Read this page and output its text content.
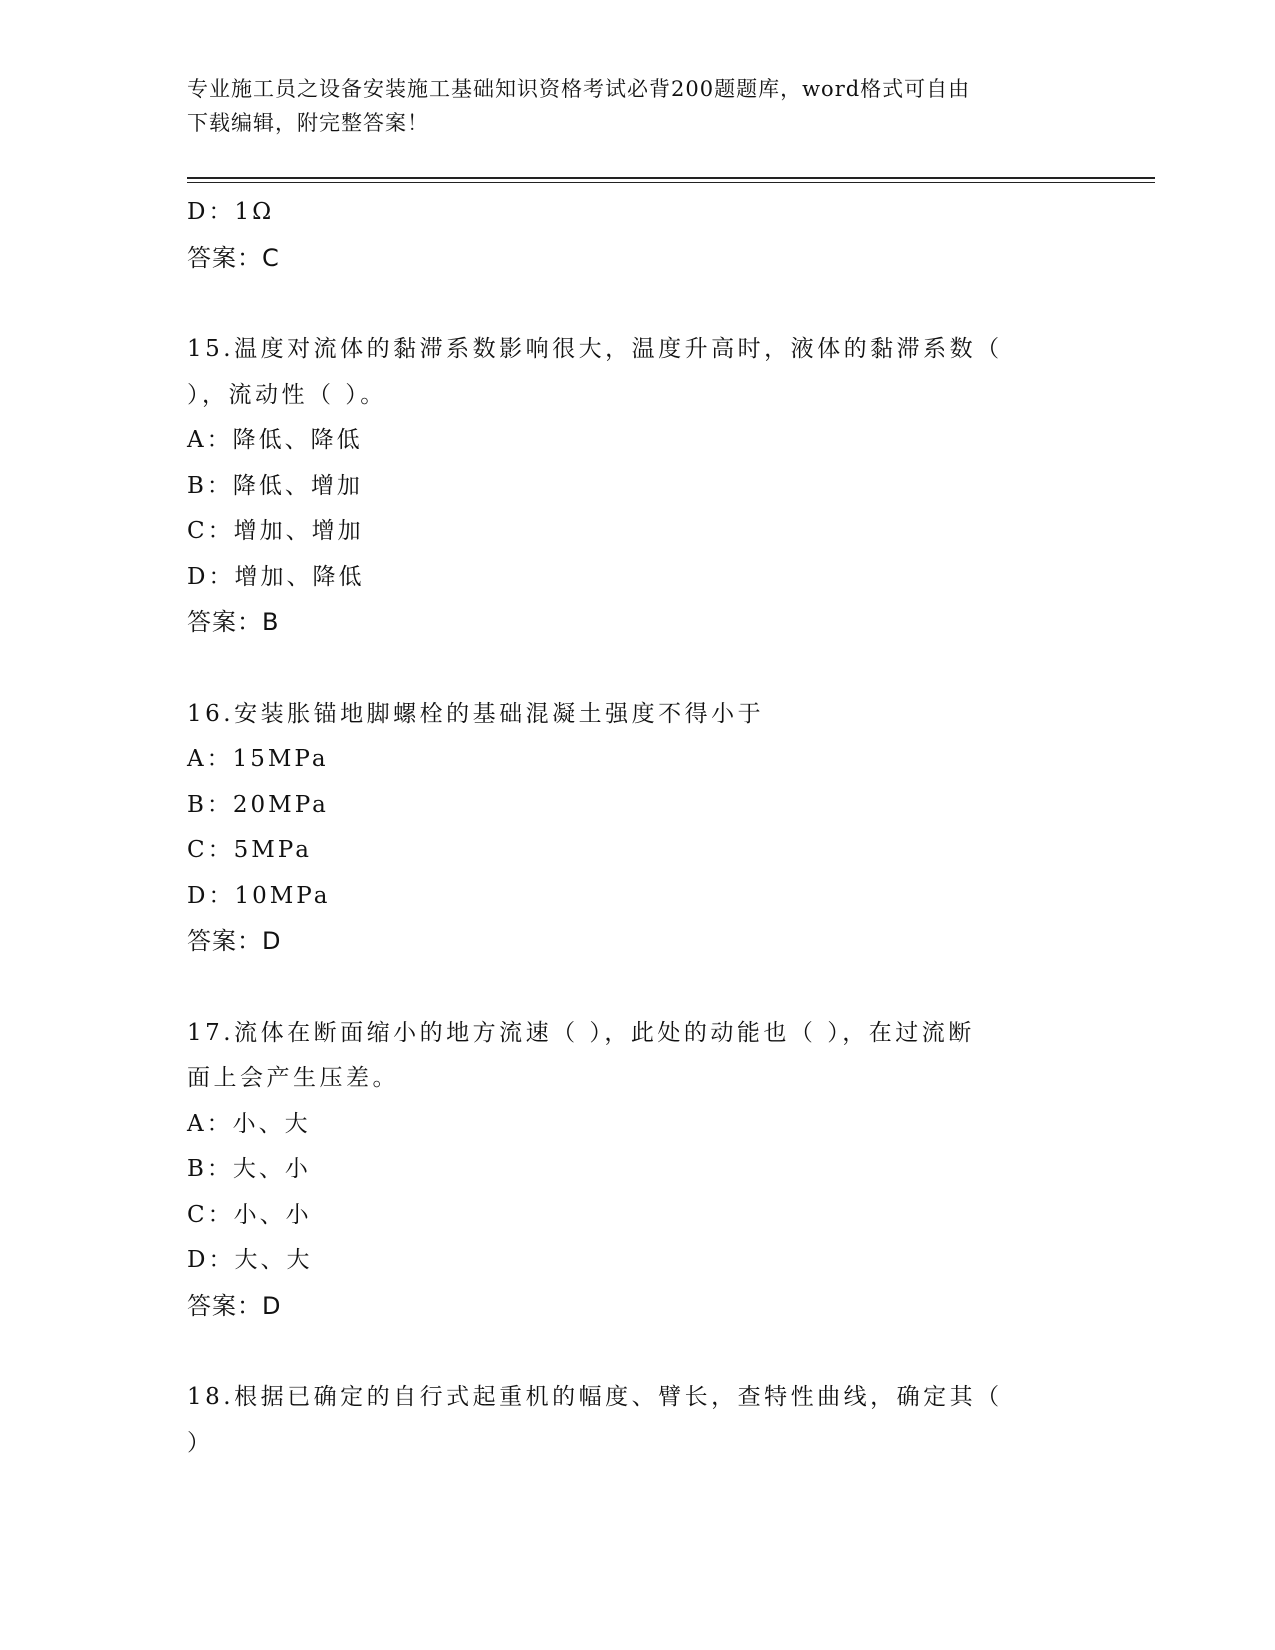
专业施工员之设备安装施工基础知识资格考试必背200题题库，word格式可自由
下载编辑，附完整答案！
D：1Ω
答案：C
15.温度对流体的黏滞系数影响很大，温度升高时，液体的黏滞系数（
），流动性（ ）。
A：降低、降低
B：降低、增加
C：增加、增加
D：增加、降低
答案：B
16.安装胀锚地脚螺栓的基础混凝土强度不得小于
A：15MPa
B：20MPa
C：5MPa
D：10MPa
答案：D
17.流体在断面缩小的地方流速（ ），此处的动能也（ ），在过流断
面上会产生压差。
A：小、大
B：大、小
C：小、小
D：大、大
答案：D
18.根据已确定的自行式起重机的幅度、臂长，查特性曲线，确定其（
）
